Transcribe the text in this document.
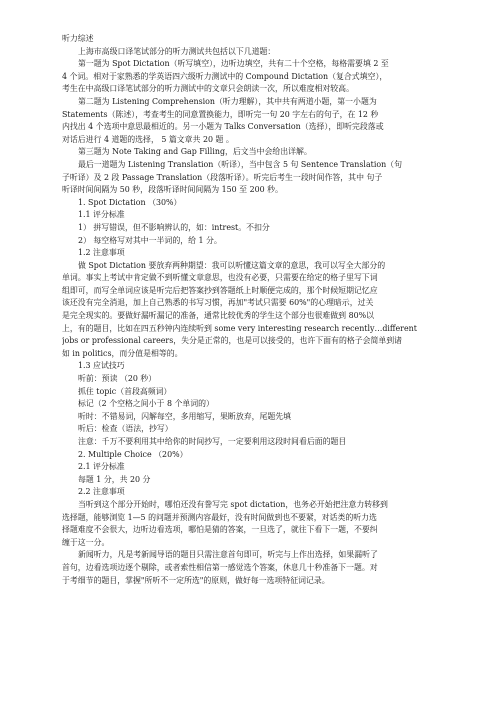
听力综述
上海市高级口译笔试部分的听力测试共包括以下几道题：
第一题为 Spot Dictation（听写填空），边听边填空，共有二十个空格，每格需要填 2 至
4 个词。相对于家熟悉的学英语四六级听力测试中的 Compound Dictation（复合式填空），
考生在中高级口译笔试部分的听力测试中的文章只会朗读一次，所以难度相对较高。
第二题为 Listening Comprehension（听力理解），其中共有两道小题，第一小题为
Statements（陈述），考查考生的同意置换能力，即听完一句 20 字左右的句子，在 12 秒
内找出 4 个选项中意思最相近的。另一小题为 Talks Conversation（选择），即听完段落或
对话后进行 4 道题的选择， 5 篇文章共 20 题 。
第三题为 Note Taking and Gap Filling，后文当中会给出详解。
最后一道题为 Listening Translation（听译），当中包含 5 句 Sentence Translation（句
子听译）及 2 段 Passage Translation（段落听译）。听完后考生一段时间作答，其中 句子
听译时间间隔为 50 秒，段落听译时间间隔为 150 至 200 秒。
1. Spot Dictation （30%）
1.1 评分标准
1） 拼写错误，但不影响辨认的，如：intrest。不扣分
2） 每空格写对其中一半词的，给 1 分。
1.2 注意事项
做 Spot Dictation 要放弃两种期望：我可以听懂这篇文章的意思，我可以写全大部分的
单词。事实上考试中肯定做不到听懂文章意思，也没有必要，只需要在给定的格子里写下词
组即可，而写全单词应该是听完后把答案抄到答题纸上时顺便完成的，那个时候短期记忆应
该还没有完全消退，加上自己熟悉的书写习惯，再加"考试只需要 60%"的心理暗示，过关
是完全现实的。要做好漏听漏记的准备，通常比较优秀的学生这个部分也很难做到 80%以
上，有的题目，比如在四五秒钟内连续听到 some very interesting research recently…different
jobs or professional careers，失分是正常的，也是可以接受的，也许下面有的格子会简单到诸
如 in politics，而分值是相等的。
1.3 应试技巧
听前：预读 （20 秒）
抓住 topic（首段高频词）
标记（2 个空格之间小于 8 个单词的）
听时：不错易词，闪解每空，多用缩写，果断放弃，尾题先填
听后：检查（语法，抄写）
注意：千万不要利用其中给你的时间抄写，一定要利用这段时间看后面的题目
2. Multiple Choice （20%）
2.1 评分标准
每题 1 分，共 20 分
2.2 注意事项
当听到这个部分开始时，哪怕还没有誊写完 spot dictation，也务必开始把注意力转移到
选择题，能够浏览 1—5 的问题并预测内容最好，没有时间做到也不要紧，对话类的听力选
择题难度不会很大，边听边看选项，哪怕是猜的答案，一旦选了，就往下看下一题，不要纠
缠于这一分。
新闻听力，凡是考新闻导语的题目只需注意首句即可，听完与上作出选择，如果漏听了
首句，边看选项边逐个剔除，或者索性相信第一感觉选个答案，休息几十秒准备下一题。对
于考细节的题目，掌握"所听不一定所选"的原则，做好每一选项特征词记录。
